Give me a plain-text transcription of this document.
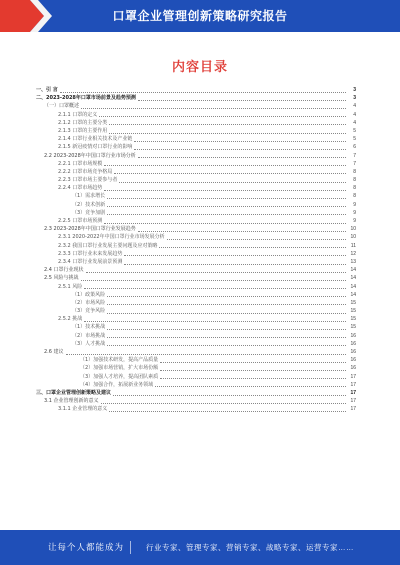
口罩企业管理创新策略研究报告
内容目录
一、引 言	3
二、2023-2028年口罩市场前景及趋势预测	3
（一）口罩概述	4
2.1.1 口罩的定义	4
2.1.2 口罩的主要分类	4
2.1.3 口罩的主要作用	5
2.1.4 口罩行业相关技术及产业链	5
2.1.5 新冠疫情对口罩行业的影响	6
2.2 2023-2028年中国口罩行业市场分析	7
2.2.1 口罩市场规模	7
2.2.2 口罩市场竞争格局	8
2.2.3 口罩市场主要参与者	8
2.2.4 口罩市场趋势	8
（1）需求增长	8
（2）技术创新	9
（3）竞争加剧	9
2.2.5 口罩市场预测	9
2.3 2023-2028年中国口罩行业发展趋势	10
2.3.1 2020-2022年中国口罩行业市场发展分析	10
2.3.2 我国口罩行业发展主要问题及应对策略	11
2.3.3 口罩行业未来发展趋势	12
2.3.4 口罩行业发展前景预测	13
2.4 口罩行业现状	14
2.5 风险与挑战	14
2.5.1 风险	14
（1）政策风险	14
（2）市场风险	15
（3）竞争风险	15
2.5.2 挑战	15
（1）技术挑战	15
（2）市场挑战	16
（3）人才挑战	16
2.6 建议	16
（1）加强技术研发，提高产品质量	16
（2）加强市场营销，扩大市场份额	16
（3）加强人才培养，提高团队素质	17
（4）加强合作，拓展新业务领域	17
三、口罩企业管理创新策略及建议	17
3.1 企业管理创新的意义	17
3.1.1 企业管理的意义	17
让每个人都能成为	行业专家、管理专家、营销专家、战略专家、运营专家……
